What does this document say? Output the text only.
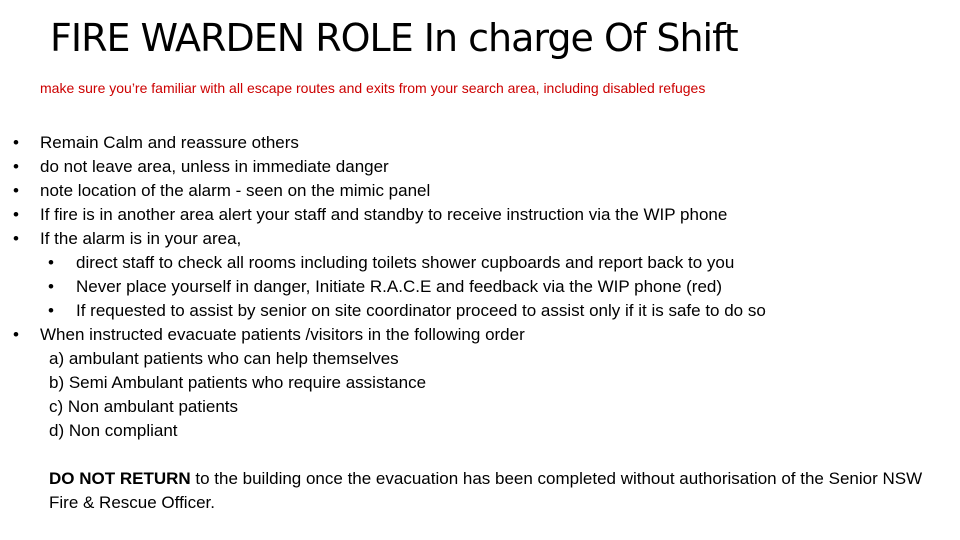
FIRE WARDEN ROLE In charge Of Shift
make sure you’re familiar with all escape routes and exits from your search area, including disabled refuges
• Remain Calm and reassure others
• do not leave area, unless in immediate danger
• note location of the alarm - seen on the mimic panel
• If fire is in another area alert your staff and standby to receive instruction via the WIP phone
• If the alarm is in your area,
• direct staff to check all rooms including toilets shower cupboards and report back to you
• Never place yourself in danger, Initiate R.A.C.E and feedback via the WIP phone (red)
• If requested to assist by senior on site coordinator proceed to assist only if it is safe to do so
• When instructed evacuate patients /visitors in the following order
a) ambulant patients who can help themselves
b) Semi Ambulant patients who require assistance
c) Non ambulant patients
d) Non compliant

DO NOT RETURN to the building once the evacuation has been completed without authorisation of the Senior NSW Fire & Rescue Officer.
